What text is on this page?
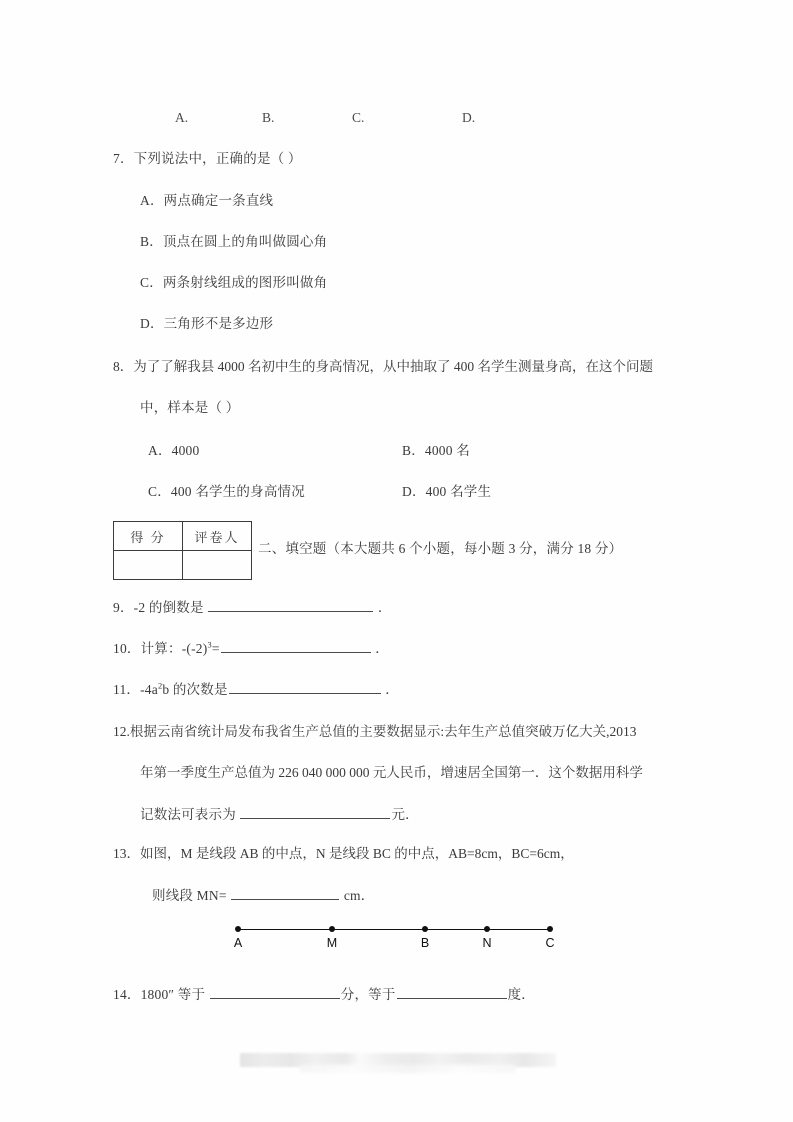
A.	B.	C.	D.
7．下列说法中，正确的是（ ）
A．两点确定一条直线
B．顶点在圆上的角叫做圆心角
C．两条射线组成的图形叫做角
D．三角形不是多边形
8．为了了解我县 4000 名初中生的身高情况，从中抽取了 400 名学生测量身高，在这个问题
中，样本是（ ）
A．4000	B．4000 名
C．400 名学生的身高情况	D．400 名学生
得 分	评卷人

二、填空题（本大题共 6 个小题，每小题 3 分，满分 18 分）
9．-2 的倒数是	．
10．计算：$-(-2)^3=$	．
11．$-4a^2b$ 的次数是	．
12.根据云南省统计局发布我省生产总值的主要数据显示:去年生产总值突破万亿大关,2013
年第一季度生产总值为 226 040 000 000 元人民币，增速居全国第一．这个数据用科学
记数法可表示为	元．
13．如图，M 是线段 AB 的中点，N 是线段 BC 的中点，AB=8cm，BC=6cm，
则线段 MN=	cm．
A	M	B	N	C
14．1800″ 等于	分，等于	度．
